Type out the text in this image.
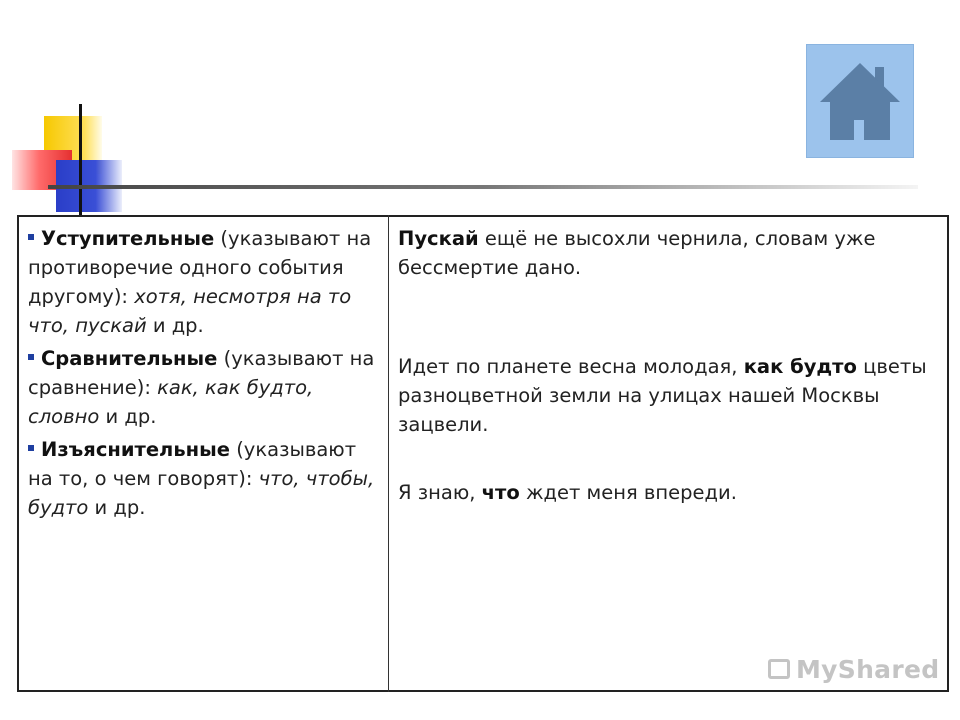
Уступительные (указывают на противоречие одного события другому): хотя, несмотря на то что, пускай и др.
Сравнительные (указывают на сравнение): как, как будто, словно и др.
Изъяснительные (указывают на то, о чем говорят): что, чтобы, будто и др.

Пускай ещё не высохли чернила, словам уже бессмертие дано.

Идет по планете весна молодая, как будто цветы разноцветной земли на улицах нашей Москвы зацвели.

Я знаю, что ждет меня впереди.

MyShared
